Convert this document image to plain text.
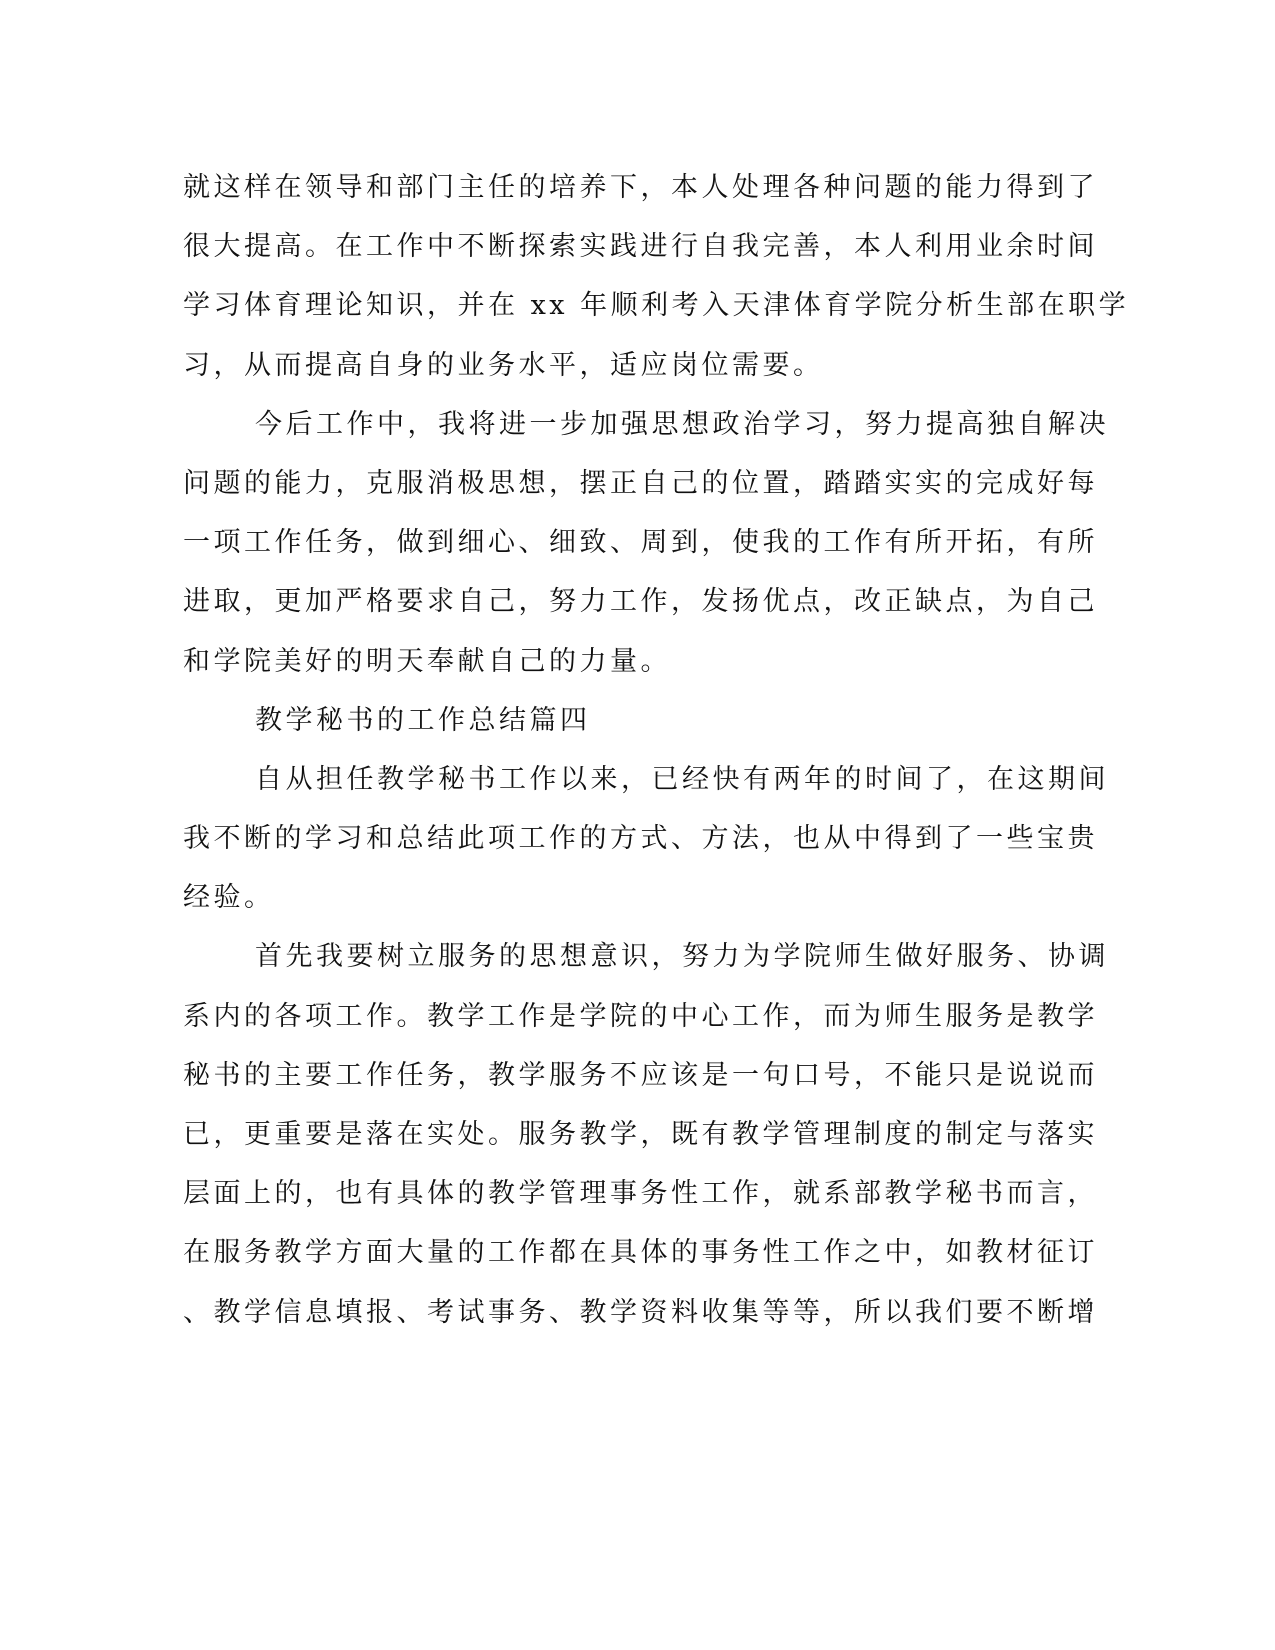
就这样在领导和部门主任的培养下，本人处理各种问题的能力得到了
很大提高。在工作中不断探索实践进行自我完善，本人利用业余时间
学习体育理论知识，并在 xx 年顺利考入天津体育学院分析生部在职学
习，从而提高自身的业务水平，适应岗位需要。
今后工作中，我将进一步加强思想政治学习，努力提高独自解决
问题的能力，克服消极思想，摆正自己的位置，踏踏实实的完成好每
一项工作任务，做到细心、细致、周到，使我的工作有所开拓，有所
进取，更加严格要求自己，努力工作，发扬优点，改正缺点，为自己
和学院美好的明天奉献自己的力量。
教学秘书的工作总结篇四
自从担任教学秘书工作以来，已经快有两年的时间了，在这期间
我不断的学习和总结此项工作的方式、方法，也从中得到了一些宝贵
经验。
首先我要树立服务的思想意识，努力为学院师生做好服务、协调
系内的各项工作。教学工作是学院的中心工作，而为师生服务是教学
秘书的主要工作任务，教学服务不应该是一句口号，不能只是说说而
已，更重要是落在实处。服务教学，既有教学管理制度的制定与落实
层面上的，也有具体的教学管理事务性工作，就系部教学秘书而言，
在服务教学方面大量的工作都在具体的事务性工作之中，如教材征订
、教学信息填报、考试事务、教学资料收集等等，所以我们要不断增
